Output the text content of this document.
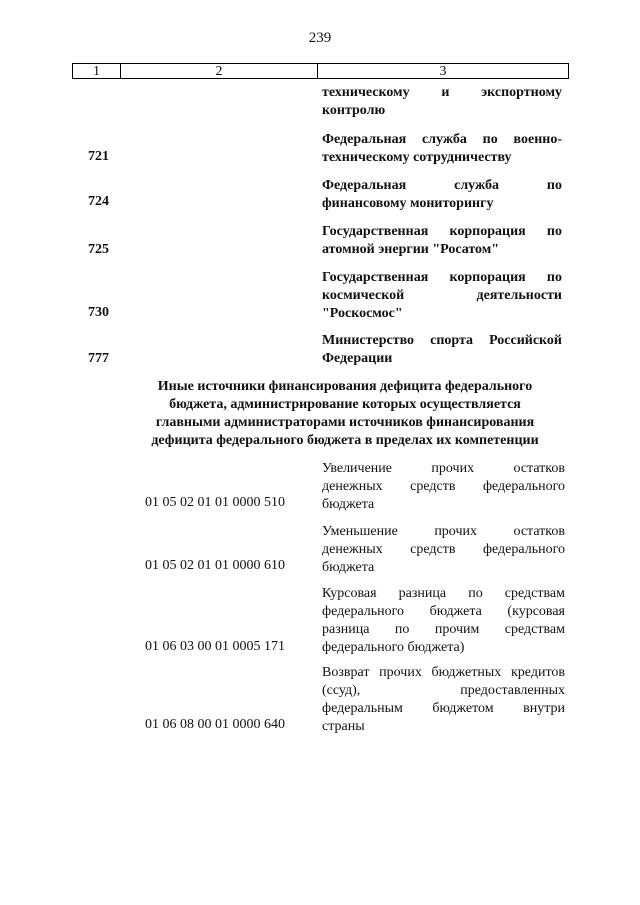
239
1	2	3
техническому и экспортному
контролю
Федеральная служба по военно-
техническому сотрудничеству
721
Федеральная служба по
финансовому мониторингу
724
Государственная корпорация по
атомной энергии "Росатом"
725
Государственная корпорация по
космической деятельности
"Роскосмос"
730
Министерство спорта Российской
Федерации
777
Иные источники финансирования дефицита федерального
бюджета, администрирование которых осуществляется
главными администраторами источников финансирования
дефицита федерального бюджета в пределах их компетенции
Увеличение прочих остатков
денежных средств федерального
бюджета
01 05 02 01 01 0000 510
Уменьшение прочих остатков
денежных средств федерального
бюджета
01 05 02 01 01 0000 610
Курсовая разница по средствам
федерального бюджета (курсовая
разница по прочим средствам
федерального бюджета)
01 06 03 00 01 0005 171
Возврат прочих бюджетных кредитов
(ссуд), предоставленных
федеральным бюджетом внутри
страны
01 06 08 00 01 0000 640
